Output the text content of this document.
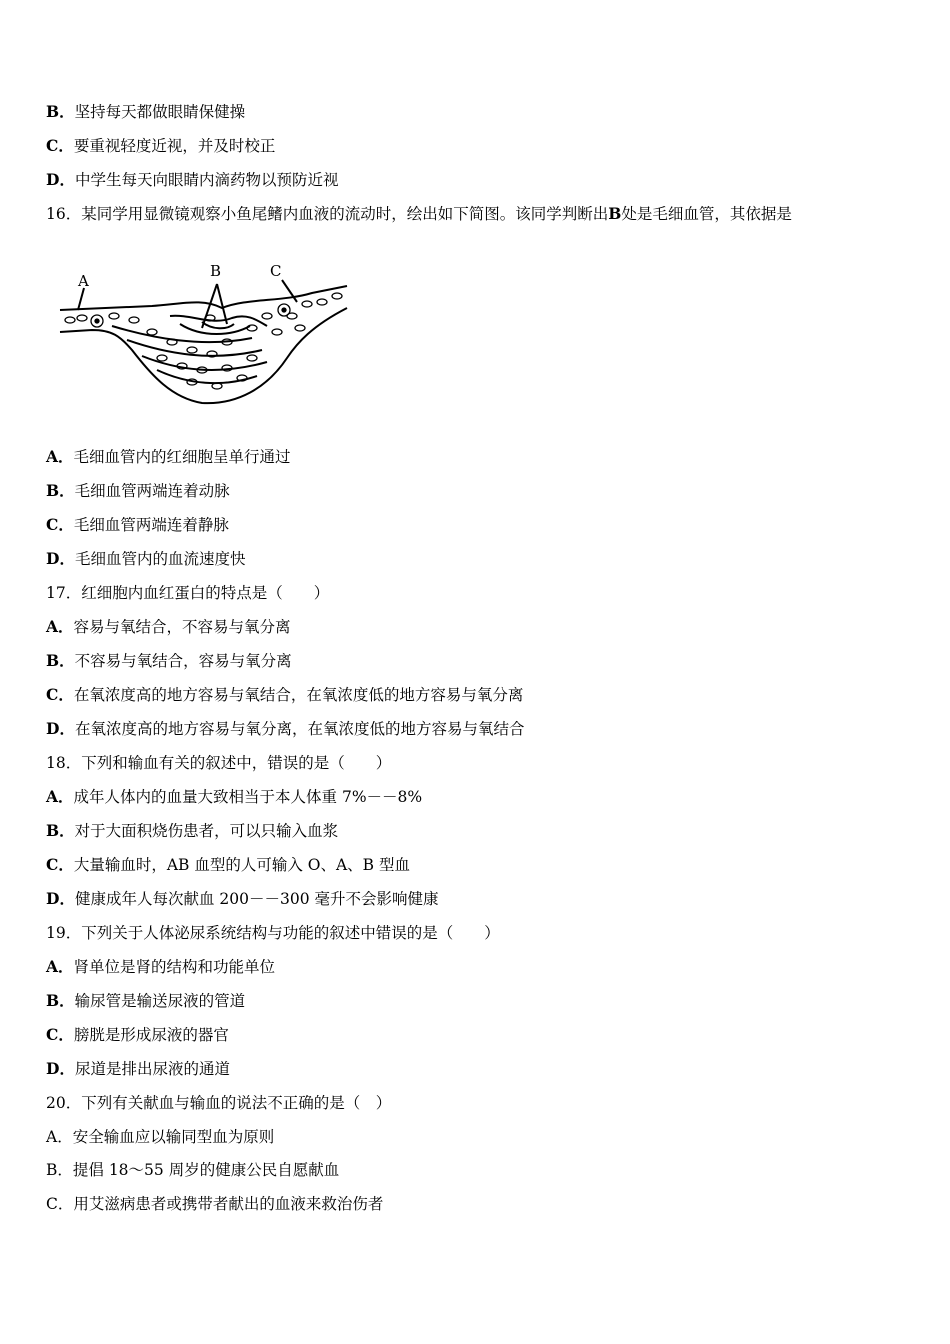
B．坚持每天都做眼睛保健操
C．要重视轻度近视，并及时校正
D．中学生每天向眼睛内滴药物以预防近视
16．某同学用显微镜观察小鱼尾鳍内血液的流动时，绘出如下简图。该同学判断出B处是毛细血管，其依据是
A
B	C
A．毛细血管内的红细胞呈单行通过
B．毛细血管两端连着动脉
C．毛细血管两端连着静脉
D．毛细血管内的血流速度快
17．红细胞内血红蛋白的特点是（　　）
A．容易与氧结合，不容易与氧分离
B．不容易与氧结合，容易与氧分离
C．在氧浓度高的地方容易与氧结合，在氧浓度低的地方容易与氧分离
D．在氧浓度高的地方容易与氧分离，在氧浓度低的地方容易与氧结合
18．下列和输血有关的叙述中，错误的是（　　）
A．成年人体内的血量大致相当于本人体重 7%－－8%
B．对于大面积烧伤患者，可以只输入血浆
C．大量输血时，AB 血型的人可输入 O、A、B 型血
D．健康成年人每次献血 200－－300 毫升不会影响健康
19．下列关于人体泌尿系统结构与功能的叙述中错误的是（　　）
A．肾单位是肾的结构和功能单位
B．输尿管是输送尿液的管道
C．膀胱是形成尿液的器官
D．尿道是排出尿液的通道
20．下列有关献血与输血的说法不正确的是（　）
A．安全输血应以输同型血为原则
B．提倡 18～55 周岁的健康公民自愿献血
C．用艾滋病患者或携带者献出的血液来救治伤者
